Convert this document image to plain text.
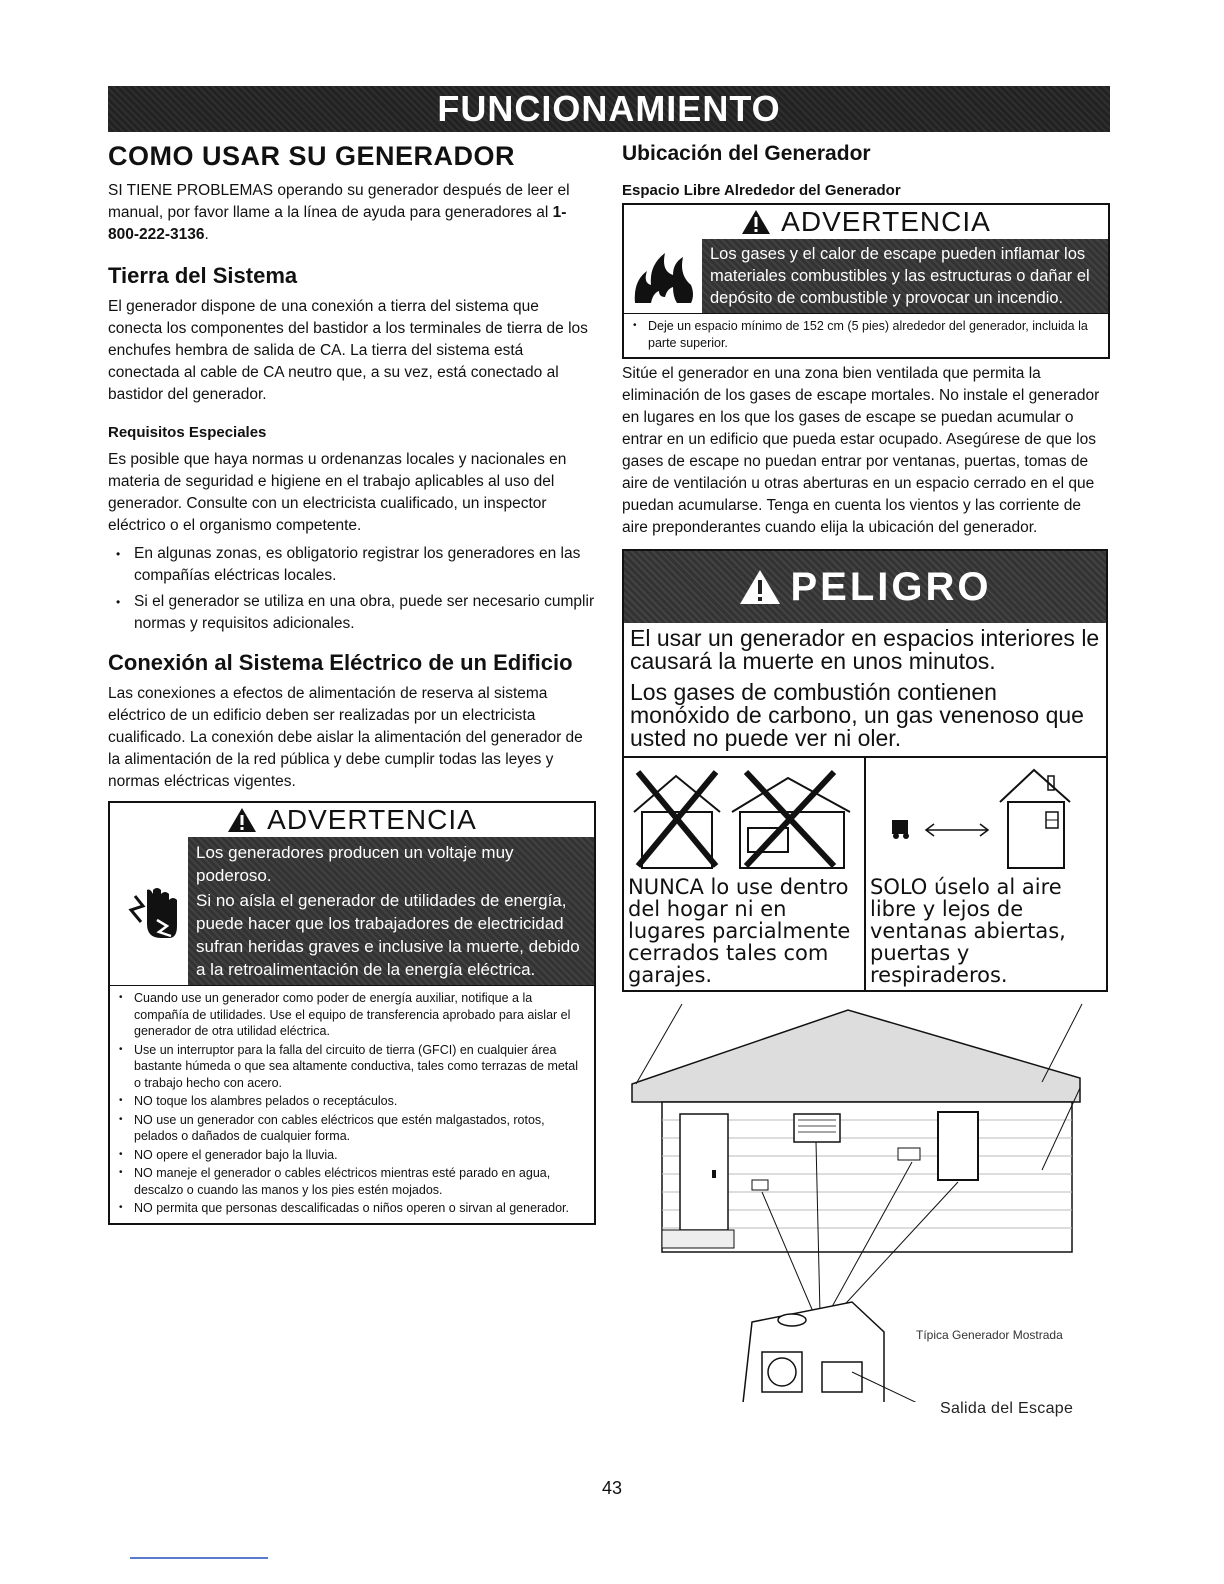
FUNCIONAMIENTO
COMO USAR SU GENERADOR

SI TIENE PROBLEMAS operando su generador después de leer el manual, por favor llame a la línea de ayuda para generadores al 1-800-222-3136.

Tierra del Sistema

El generador dispone de una conexión a tierra del sistema que conecta los componentes del bastidor a los terminales de tierra de los enchufes hembra de salida de CA. La tierra del sistema está conectada al cable de CA neutro que, a su vez, está conectado al bastidor del generador.

Requisitos Especiales

Es posible que haya normas u ordenanzas locales y nacionales en materia de seguridad e higiene en el trabajo aplicables al uso del generador. Consulte con un electricista cualificado, un inspector eléctrico o el organismo competente.

• En algunas zonas, es obligatorio registrar los generadores en las compañías eléctricas locales.
• Si el generador se utiliza en una obra, puede ser necesario cumplir normas y requisitos adicionales.
Conexión al Sistema Eléctrico de un Edificio

Las conexiones a efectos de alimentación de reserva al sistema eléctrico de un edificio deben ser realizadas por un electricista cualificado. La conexión debe aislar la alimentación del generador de la alimentación de la red pública y debe cumplir todas las leyes y normas eléctricas vigentes.

ADVERTENCIA
Los generadores producen un voltaje muy poderoso.
Si no aísla el generador de utilidades de energía, puede hacer que los trabajadores de electricidad sufran heridas graves e inclusive la muerte, debido a la retroalimentación de la energía eléctrica.
• Cuando use un generador como poder de energía auxiliar, notifique a la compañía de utilidades. Use el equipo de transferencia aprobado para aislar el generador de otra utilidad eléctrica.
• Use un interruptor para la falla del circuito de tierra (GFCI) en cualquier área bastante húmeda o que sea altamente conductiva, tales como terrazas de metal o trabajo hecho con acero.
• NO toque los alambres pelados o receptáculos.
• NO use un generador con cables eléctricos que estén malgastados, rotos, pelados o dañados de cualquier forma.
• NO opere el generador bajo la lluvia.
• NO maneje el generador o cables eléctricos mientras esté parado en agua, descalzo o cuando las manos y los pies estén mojados.
• NO permita que personas descalificadas o niños operen o sirvan al generador.
Ubicación del Generador
Espacio Libre Alrededor del Generador
ADVERTENCIA
Los gases y el calor de escape pueden inflamar los materiales combustibles y las estructuras o dañar el depósito de combustible y provocar un incendio.
• Deje un espacio mínimo de 152 cm (5 pies) alrededor del generador, incluida la parte superior.

Sitúe el generador en una zona bien ventilada que permita la eliminación de los gases de escape mortales. No instale el generador en lugares en los que los gases de escape se puedan acumular o entrar en un edificio que pueda estar ocupado. Asegúrese de que los gases de escape no puedan entrar por ventanas, puertas, tomas de aire de ventilación u otras aberturas en un espacio cerrado en el que puedan acumularse. Tenga en cuenta los vientos y las corriente de aire preponderantes cuando elija la ubicación del generador.

PELIGRO

El usar un generador en espacios interiores le causará la muerte en unos minutos.

Los gases de combustión contienen monóxido de carbono, un gas venenoso que usted no puede ver ni oler.

NUNCA lo use dentro del hogar ni en lugares parcialmente cerrados tales com garajes.
SOLO úselo al aire libre y lejos de ventanas abiertas, puertas y respiraderos.
Típica Generador Mostrada
Salida del Escape
43
